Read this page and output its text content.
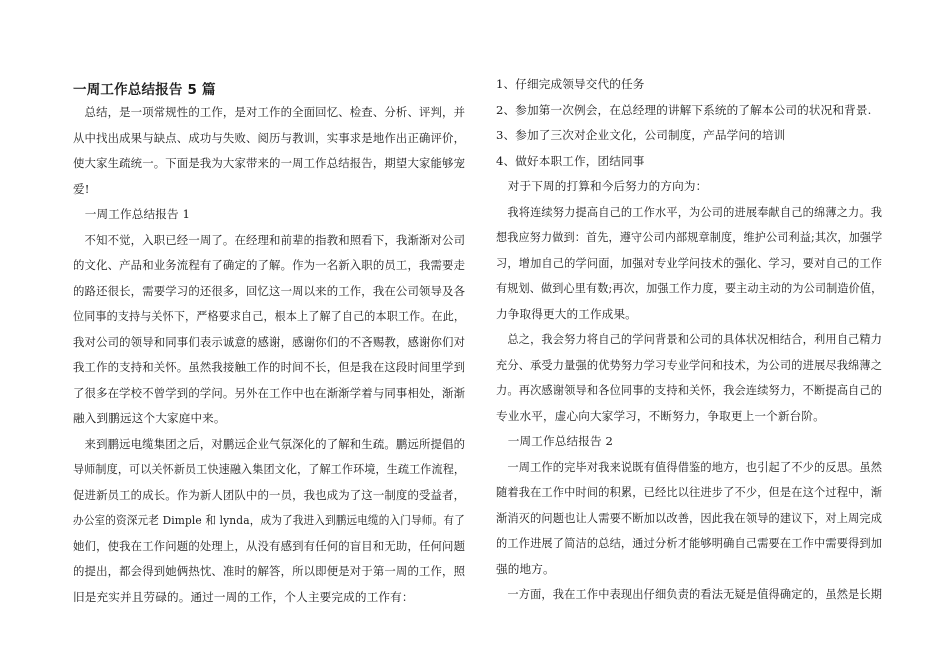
一周工作总结报告 5 篇
　总结，是一项常规性的工作，是对工作的全面回忆、检查、分析、评判，并
从中找出成果与缺点、成功与失败、阅历与教训，实事求是地作出正确评价，
使大家生疏统一。下面是我为大家带来的一周工作总结报告，期望大家能够宠
爱!
　一周工作总结报告 1
　不知不觉，入职已经一周了。在经理和前辈的指教和照看下，我渐渐对公司
的文化、产品和业务流程有了确定的了解。作为一名新入职的员工，我需要走
的路还很长，需要学习的还很多，回忆这一周以来的工作，我在公司领导及各
位同事的支持与关怀下，严格要求自己，根本上了解了自己的本职工作。在此，
我对公司的领导和同事们表示诚意的感谢，感谢你们的不吝赐教，感谢你们对
我工作的支持和关怀。虽然我接触工作的时间不长，但是我在这段时间里学到
了很多在学校不曾学到的学问。另外在工作中也在渐渐学着与同事相处，渐渐
融入到鹏远这个大家庭中来。
　来到鹏远电缆集团之后，对鹏远企业气氛深化的了解和生疏。鹏远所提倡的
导师制度，可以关怀新员工快速融入集团文化，了解工作环境，生疏工作流程，
促进新员工的成长。作为新人团队中的一员，我也成为了这一制度的受益者，
办公室的资深元老 Dimple 和 lynda，成为了我进入到鹏远电缆的入门导师。有了
她们，使我在工作问题的处理上，从没有感到有任何的盲目和无助，任何问题
的提出，都会得到她俩热忱、准时的解答，所以即便是对于第一周的工作，照
旧是充实并且劳碌的。通过一周的工作，个人主要完成的工作有：
1、仔细完成领导交代的任务
2、参加第一次例会，在总经理的讲解下系统的了解本公司的状况和背景.
3、参加了三次对企业文化，公司制度，产品学问的培训
4、做好本职工作，团结同事
　对于下周的打算和今后努力的方向为：
　我将连续努力提高自己的工作水平，为公司的进展奉献自己的绵薄之力。我
想我应努力做到：首先，遵守公司内部规章制度，维护公司利益;其次，加强学
习，增加自己的学问面，加强对专业学问技术的强化、学习，要对自己的工作
有规划、做到心里有数;再次，加强工作力度，要主动主动的为公司制造价值，
力争取得更大的工作成果。
　总之，我会努力将自己的学问背景和公司的具体状况相结合，利用自己精力
充分、承受力量强的优势努力学习专业学问和技术，为公司的进展尽我绵薄之
力。再次感谢领导和各位同事的支持和关怀，我会连续努力，不断提高自己的
专业水平，虚心向大家学习，不断努力，争取更上一个新台阶。
　一周工作总结报告 2
　一周工作的完毕对我来说既有值得借鉴的地方，也引起了不少的反思。虽然
随着我在工作中时间的积累，已经比以往进步了不少，但是在这个过程中，渐
渐消灭的问题也让人需要不断加以改善，因此我在领导的建议下，对上周完成
的工作进展了简洁的总结，通过分析才能够明确自己需要在工作中需要得到加
强的地方。
　一方面，我在工作中表现出仔细负责的看法无疑是值得确定的，虽然是长期
